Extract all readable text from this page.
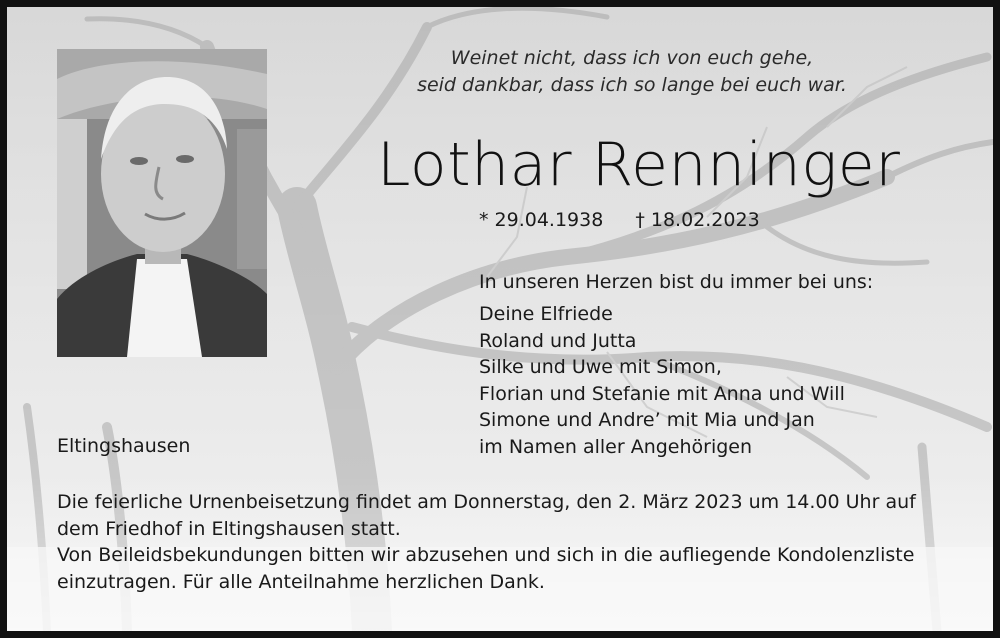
Weinet nicht, dass ich von euch gehe,
seid dankbar, dass ich so lange bei euch war.
Lothar Renninger
* 29.04.1938 † 18.02.2023
In unseren Herzen bist du immer bei uns:
Deine Elfriede
Roland und Jutta
Silke und Uwe mit Simon,
Florian und Stefanie mit Anna und Will
Simone und Andre’ mit Mia und Jan
im Namen aller Angehörigen
Eltingshausen
Die feierliche Urnenbeisetzung findet am Donnerstag, den 2. März 2023 um 14.00 Uhr auf
dem Friedhof in Eltingshausen statt.
Von Beileidsbekundungen bitten wir abzusehen und sich in die aufliegende Kondolenzliste
einzutragen. Für alle Anteilnahme herzlichen Dank.
